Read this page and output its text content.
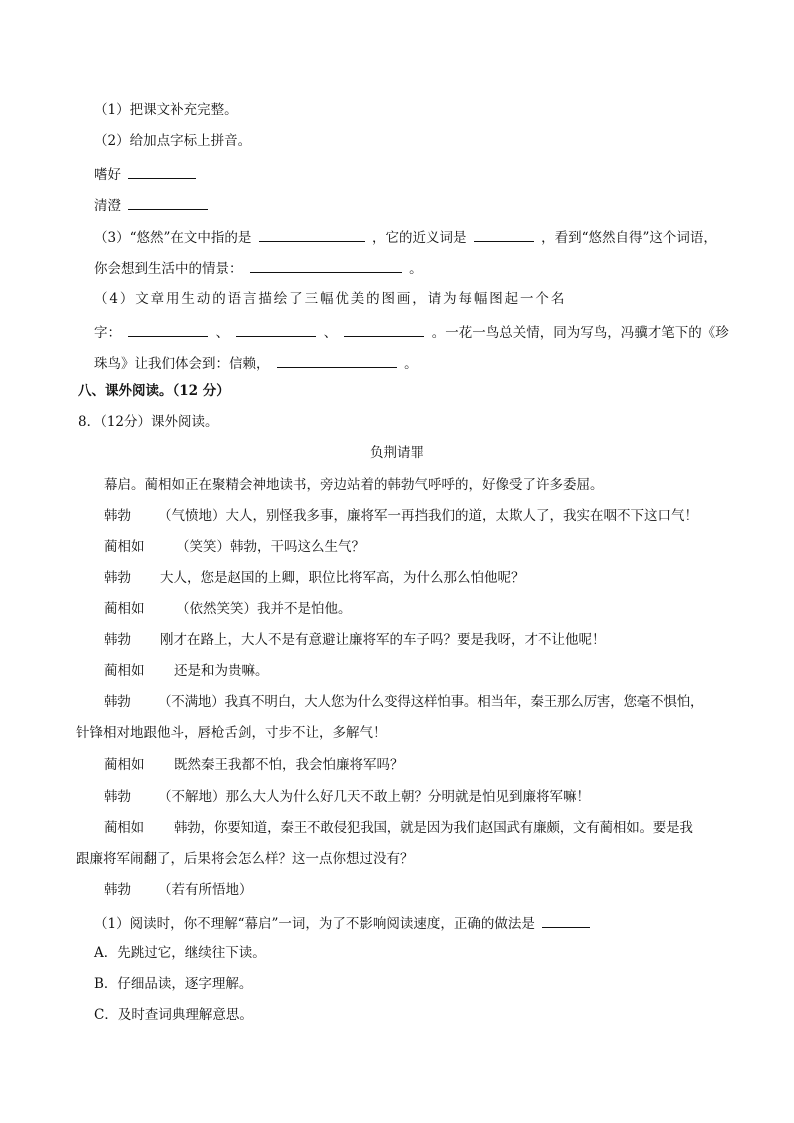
（1）把课文补充完整。
（2）给加点字标上拼音。
嗜好
清澄
（3）“悠然”在文中指的是	，它的近义词是	，看到“悠然自得”这个词语，
你会想到生活中的情景：	。
（ 4 ） 文 章 用 生 动 的 语 言 描 绘 了 三 幅 优 美 的 图 画 ， 请 为 每 幅 图 起 一 个 名
字：	、	、	。一花一鸟总关情，同为写鸟，冯骥才笔下的《珍
珠鸟》让我们体会到：信赖，	。
八、课外阅读。（12 分）
8．（12分）课外阅读。
负荆请罪
幕启。蔺相如正在聚精会神地读书，旁边站着的韩勃气呼呼的，好像受了许多委屈。
韩勃 （气愤地）大人，别怪我多事，廉将军一再挡我们的道，太欺人了，我实在咽不下这口气！
蔺相如 （笑笑）韩勃，干吗这么生气？
韩勃 大人，您是赵国的上卿，职位比将军高，为什么那么怕他呢？
蔺相如 （依然笑笑）我并不是怕他。
韩勃 刚才在路上，大人不是有意避让廉将军的车子吗？要是我呀，才不让他呢！
蔺相如 还是和为贵嘛。
韩勃 （不满地）我真不明白，大人您为什么变得这样怕事。相当年，秦王那么厉害，您毫不惧怕，
针锋相对地跟他斗，唇枪舌剑，寸步不让，多解气！
蔺相如 既然秦王我都不怕，我会怕廉将军吗？
韩勃 （不解地）那么大人为什么好几天不敢上朝？分明就是怕见到廉将军嘛！
蔺相如 韩勃，你要知道，秦王不敢侵犯我国，就是因为我们赵国武有廉颇，文有蔺相如。要是我
跟廉将军闹翻了，后果将会怎么样？这一点你想过没有？
韩勃 （若有所悟地）
（1）阅读时，你不理解“幕启”一词，为了不影响阅读速度，正确的做法是
A．先跳过它，继续往下读。
B．仔细品读，逐字理解。
C．及时查词典理解意思。
